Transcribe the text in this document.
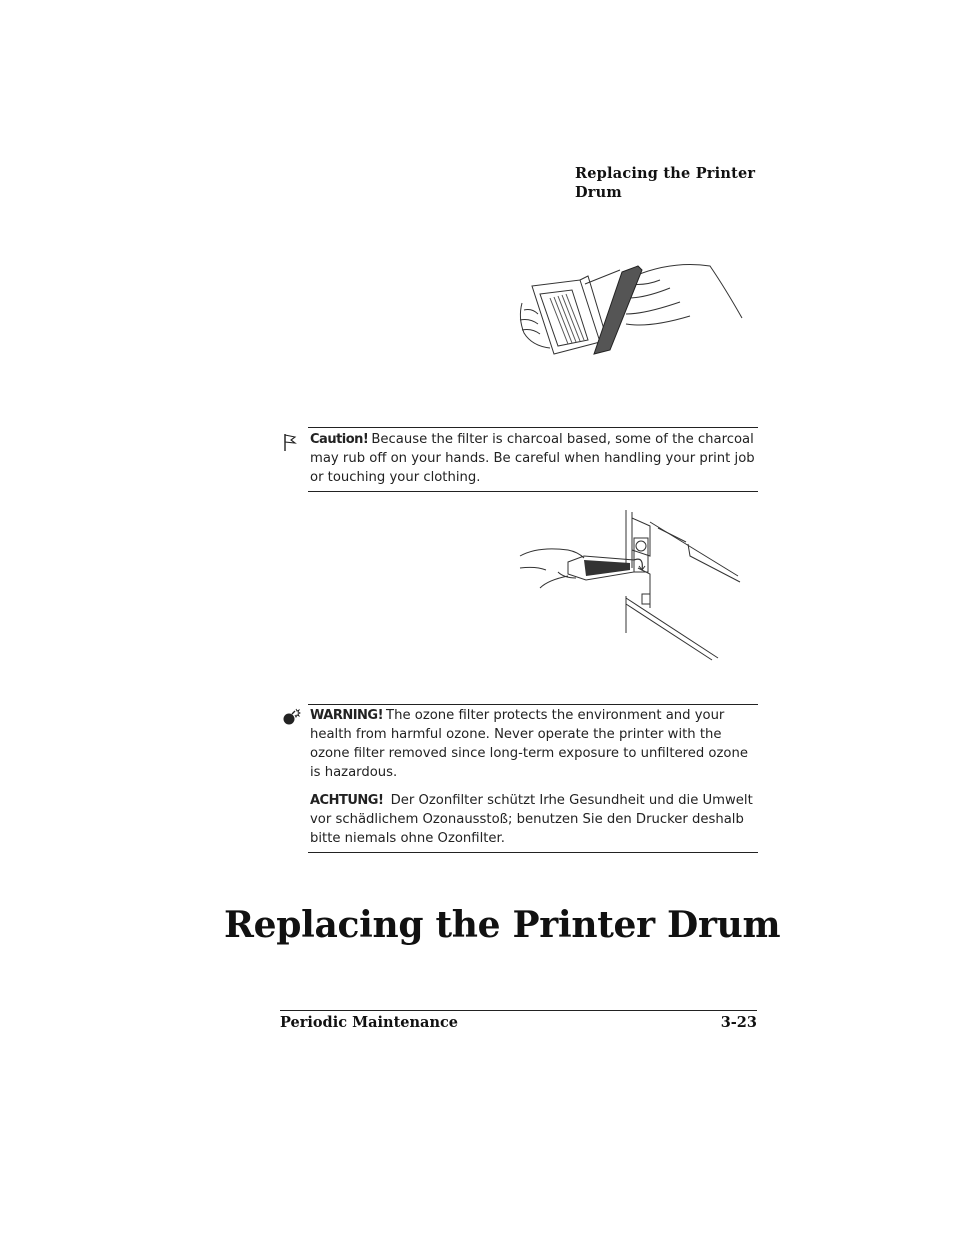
Replacing the Printer Drum

Caution! Because the filter is charcoal based, some of the charcoal may rub off on your hands. Be careful when handling your print job or touching your clothing.

WARNING! The ozone filter protects the environment and your health from harmful ozone. Never operate the printer with the ozone filter removed since long-term exposure to unfiltered ozone is hazardous.

ACHTUNG! Der Ozonfilter schützt Irhe Gesundheit und die Umwelt vor schädlichem Ozonausstoß; benutzen Sie den Drucker deshalb bitte niemals ohne Ozonfilter.

Replacing the Printer Drum
Periodic Maintenance	3-23
